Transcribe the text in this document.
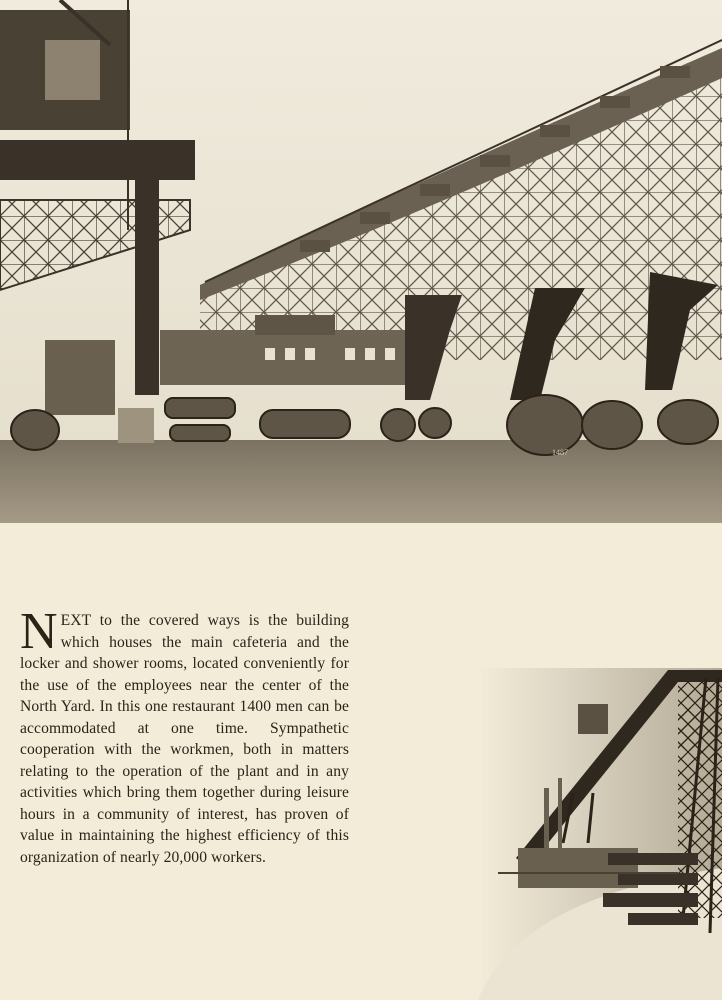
1487

NEXT to the covered ways is the building which houses the main cafeteria and the locker and shower rooms, located conveniently for the use of the employees near the center of the North Yard. In this one restaurant 1400 men can be accommodated at one time. Sympathetic cooperation with the workmen, both in matters relating to the operation of the plant and in any activities which bring them together during leisure hours in a community of interest, has proven of value in maintaining the highest efficiency of this organization of nearly 20,000 workers.
